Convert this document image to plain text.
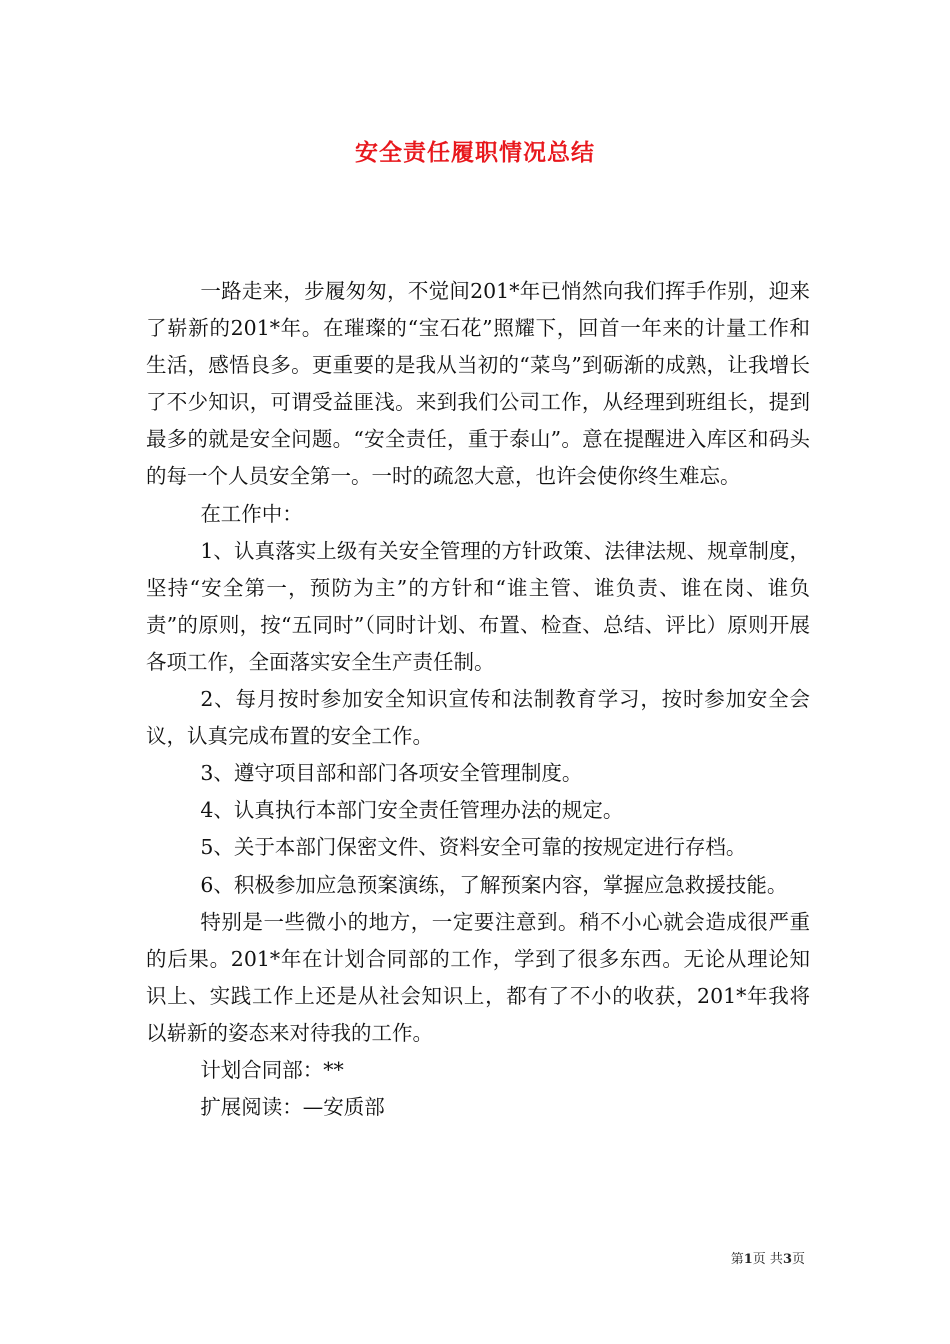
安全责任履职情况总结

一路走来，步履匆匆，不觉间201*年已悄然向我们挥手作别，迎来了崭新的201*年。在璀璨的“宝石花”照耀下，回首一年来的计量工作和生活，感悟良多。更重要的是我从当初的“菜鸟”到砺渐的成熟，让我增长了不少知识，可谓受益匪浅。来到我们公司工作，从经理到班组长，提到最多的就是安全问题。“安全责任，重于泰山”。意在提醒进入库区和码头的每一个人员安全第一。一时的疏忽大意，也许会使你终生难忘。

在工作中：

1、认真落实上级有关安全管理的方针政策、法律法规、规章制度，坚持“安全第一，预防为主”的方针和“谁主管、谁负责、谁在岗、谁负责”的原则，按“五同时”（同时计划、布置、检查、总结、评比）原则开展各项工作，全面落实安全生产责任制。

2、每月按时参加安全知识宣传和法制教育学习，按时参加安全会议，认真完成布置的安全工作。

3、遵守项目部和部门各项安全管理制度。

4、认真执行本部门安全责任管理办法的规定。

5、关于本部门保密文件、资料安全可靠的按规定进行存档。

6、积极参加应急预案演练，了解预案内容，掌握应急救援技能。

特别是一些微小的地方，一定要注意到。稍不小心就会造成很严重的后果。201*年在计划合同部的工作，学到了很多东西。无论从理论知识上、实践工作上还是从社会知识上，都有了不小的收获，201*年我将以崭新的姿态来对待我的工作。

计划合同部：**

扩展阅读：—安质部

第1页 共3页
